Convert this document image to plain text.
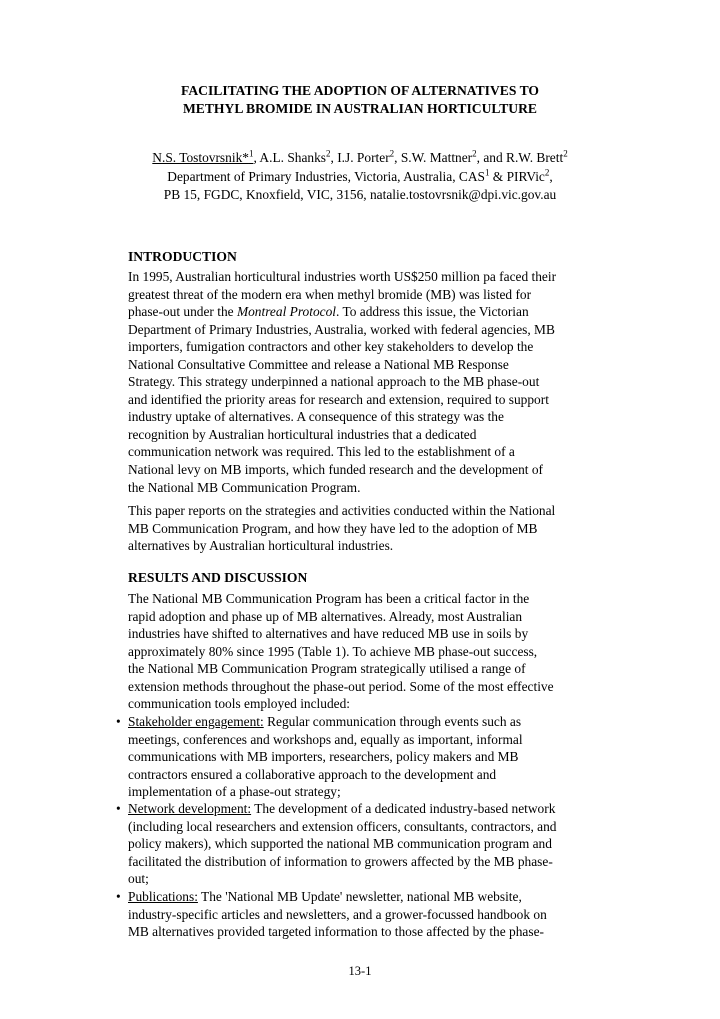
FACILITATING THE ADOPTION OF ALTERNATIVES TO
METHYL BROMIDE IN AUSTRALIAN HORTICULTURE
N.S. Tostovrsnik*$^1$, A.L. Shanks$^2$, I.J. Porter$^2$, S.W. Mattner$^2$, and R.W. Brett$^2$
Department of Primary Industries, Victoria, Australia, CAS$^1$ & PIRVic$^2$,
PB 15, FGDC, Knoxfield, VIC, 3156, natalie.tostovrsnik@dpi.vic.gov.au
INTRODUCTION
In 1995, Australian horticultural industries worth US$250 million pa faced their
greatest threat of the modern era when methyl bromide (MB) was listed for
phase-out under the Montreal Protocol. To address this issue, the Victorian
Department of Primary Industries, Australia, worked with federal agencies, MB
importers, fumigation contractors and other key stakeholders to develop the
National Consultative Committee and release a National MB Response
Strategy. This strategy underpinned a national approach to the MB phase-out
and identified the priority areas for research and extension, required to support
industry uptake of alternatives. A consequence of this strategy was the
recognition by Australian horticultural industries that a dedicated
communication network was required. This led to the establishment of a
National levy on MB imports, which funded research and the development of
the National MB Communication Program.
This paper reports on the strategies and activities conducted within the National
MB Communication Program, and how they have led to the adoption of MB
alternatives by Australian horticultural industries.
RESULTS AND DISCUSSION
The National MB Communication Program has been a critical factor in the
rapid adoption and phase up of MB alternatives. Already, most Australian
industries have shifted to alternatives and have reduced MB use in soils by
approximately 80% since 1995 (Table 1). To achieve MB phase-out success,
the National MB Communication Program strategically utilised a range of
extension methods throughout the phase-out period. Some of the most effective
communication tools employed included:
• Stakeholder engagement: Regular communication through events such as
meetings, conferences and workshops and, equally as important, informal
communications with MB importers, researchers, policy makers and MB
contractors ensured a collaborative approach to the development and
implementation of a phase-out strategy;
• Network development: The development of a dedicated industry-based network
(including local researchers and extension officers, consultants, contractors, and
policy makers), which supported the national MB communication program and
facilitated the distribution of information to growers affected by the MB phase-
out;
• Publications: The 'National MB Update' newsletter, national MB website,
industry-specific articles and newsletters, and a grower-focussed handbook on
MB alternatives provided targeted information to those affected by the phase-
13-1
